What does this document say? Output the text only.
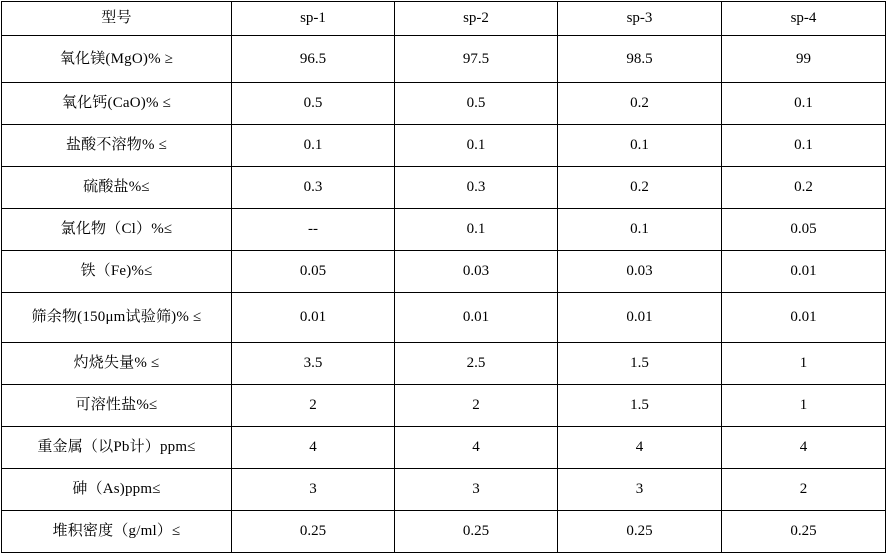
型号	sp-1	sp-2	sp-3	sp-4
氧化镁(MgO)% ≥	96.5	97.5	98.5	99
氧化钙(CaO)% ≤	0.5	0.5	0.2	0.1
盐酸不溶物% ≤	0.1	0.1	0.1	0.1
硫酸盐%≤	0.3	0.3	0.2	0.2
氯化物（Cl）%≤	--	0.1	0.1	0.05
铁（Fe)%≤	0.05	0.03	0.03	0.01
筛余物(150μm试验筛)% ≤	0.01	0.01	0.01	0.01
灼烧失量% ≤	3.5	2.5	1.5	1
可溶性盐%≤	2	2	1.5	1
重金属（以Pb计）ppm≤	4	4	4	4
砷（As)ppm≤	3	3	3	2
堆积密度（g/ml）≤	0.25	0.25	0.25	0.25
